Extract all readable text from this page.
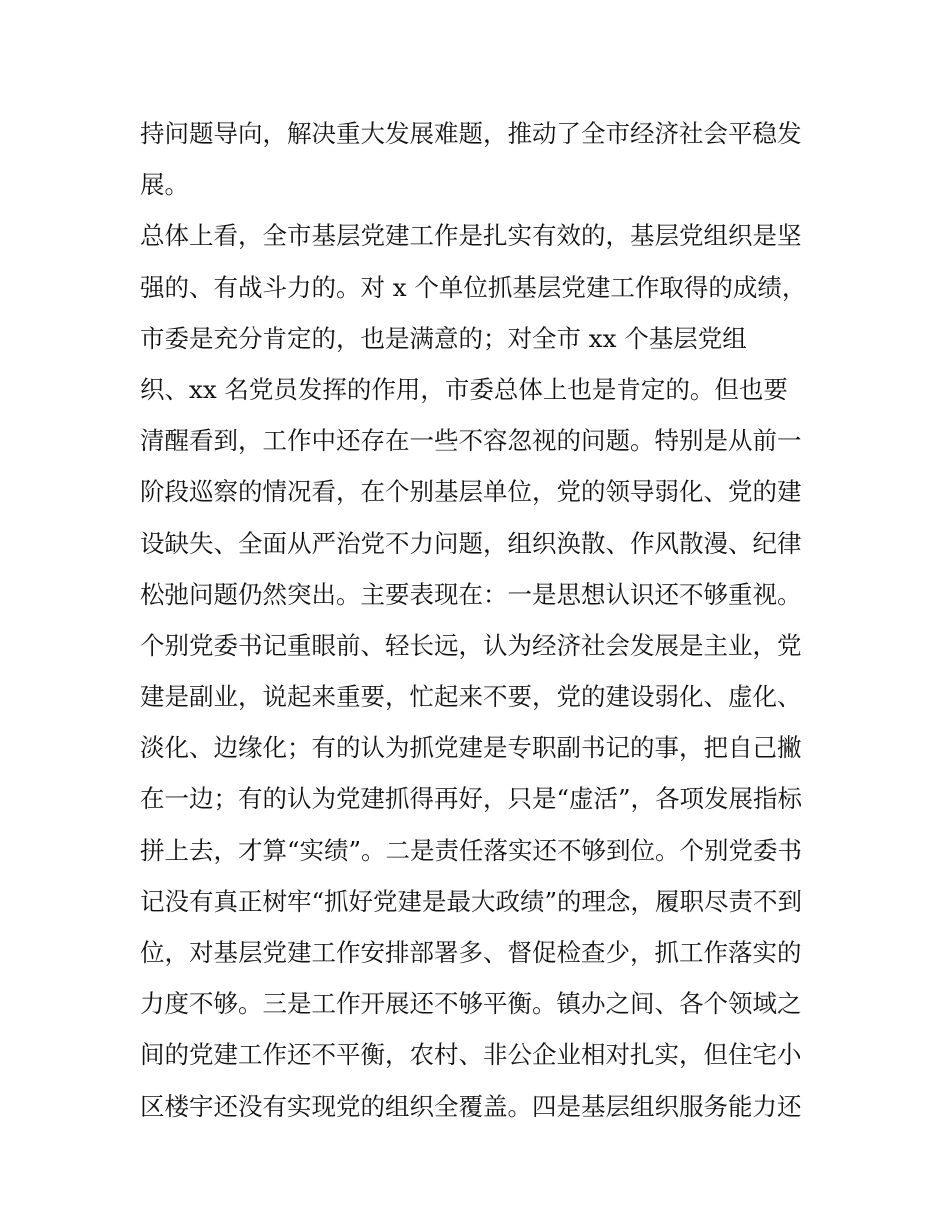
持问题导向，解决重大发展难题，推动了全市经济社会平稳发
展。
总体上看，全市基层党建工作是扎实有效的，基层党组织是坚
强的、有战斗力的。对 x 个单位抓基层党建工作取得的成绩，
市委是充分肯定的，也是满意的；对全市 xx 个基层党组
织、xx 名党员发挥的作用，市委总体上也是肯定的。但也要
清醒看到，工作中还存在一些不容忽视的问题。特别是从前一
阶段巡察的情况看，在个别基层单位，党的领导弱化、党的建
设缺失、全面从严治党不力问题，组织涣散、作风散漫、纪律
松弛问题仍然突出。主要表现在：一是思想认识还不够重视。
个别党委书记重眼前、轻长远，认为经济社会发展是主业，党
建是副业，说起来重要，忙起来不要，党的建设弱化、虚化、
淡化、边缘化；有的认为抓党建是专职副书记的事，把自己撇
在一边；有的认为党建抓得再好，只是“虚活”，各项发展指标
拼上去，才算“实绩”。二是责任落实还不够到位。个别党委书
记没有真正树牢“抓好党建是最大政绩”的理念，履职尽责不到
位，对基层党建工作安排部署多、督促检查少，抓工作落实的
力度不够。三是工作开展还不够平衡。镇办之间、各个领域之
间的党建工作还不平衡，农村、非公企业相对扎实，但住宅小
区楼宇还没有实现党的组织全覆盖。四是基层组织服务能力还
